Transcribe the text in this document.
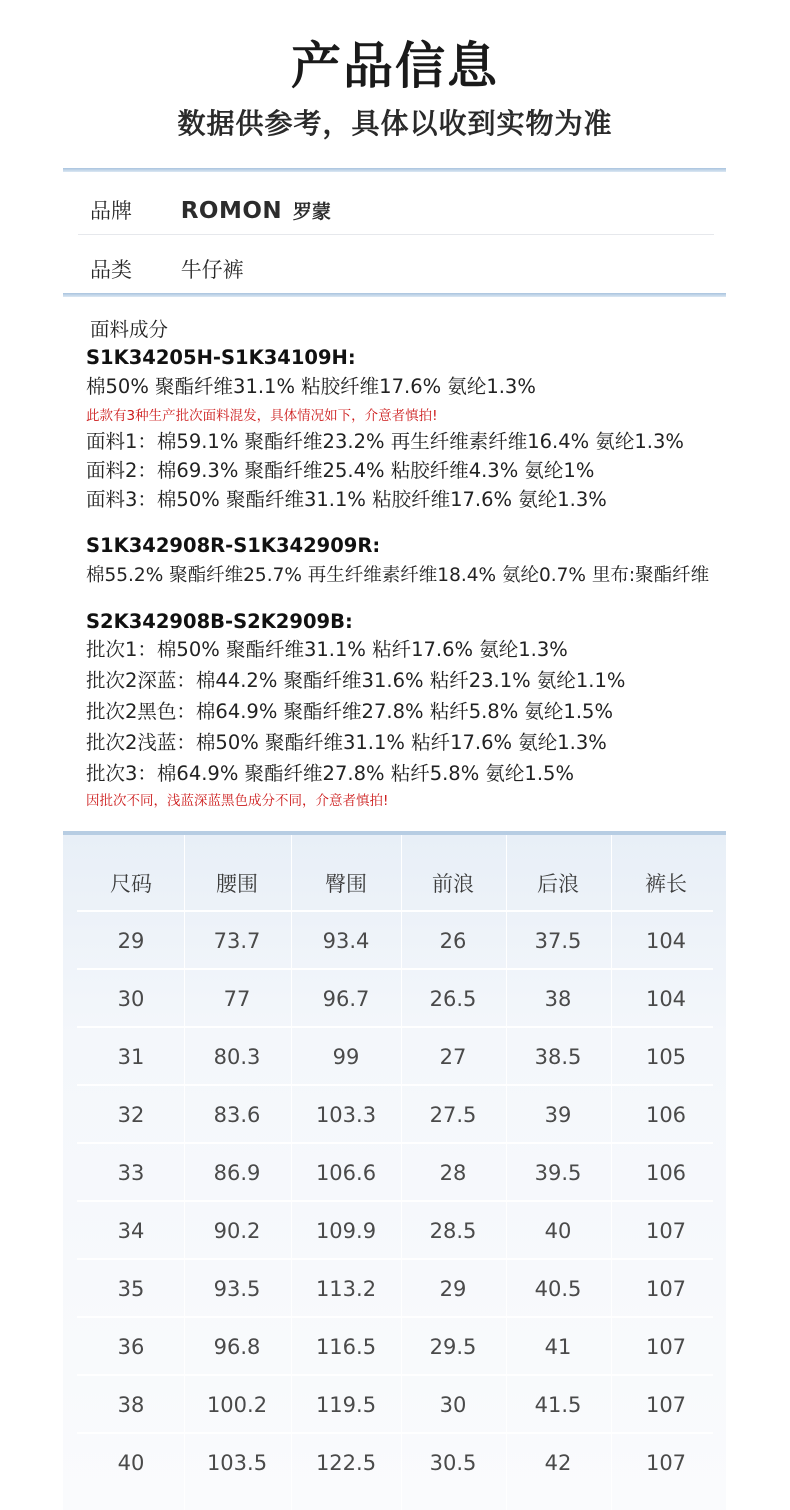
产品信息
数据供参考，具体以收到实物为准
品牌 ROMON 罗蒙
品类 牛仔裤
面料成分
S1K34205H-S1K34109H:
棉50% 聚酯纤维31.1% 粘胶纤维17.6% 氨纶1.3%
此款有3种生产批次面料混发，具体情况如下，介意者慎拍!
面料1：棉59.1% 聚酯纤维23.2% 再生纤维素纤维16.4% 氨纶1.3%
面料2：棉69.3% 聚酯纤维25.4% 粘胶纤维4.3% 氨纶1%
面料3：棉50% 聚酯纤维31.1% 粘胶纤维17.6% 氨纶1.3%
S1K342908R-S1K342909R:
棉55.2% 聚酯纤维25.7% 再生纤维素纤维18.4% 氨纶0.7% 里布:聚酯纤维
S2K342908B-S2K2909B:
批次1：棉50% 聚酯纤维31.1% 粘纤17.6% 氨纶1.3%
批次2深蓝：棉44.2% 聚酯纤维31.6% 粘纤23.1% 氨纶1.1%
批次2黑色：棉64.9% 聚酯纤维27.8% 粘纤5.8% 氨纶1.5%
批次2浅蓝：棉50% 聚酯纤维31.1% 粘纤17.6% 氨纶1.3%
批次3：棉64.9% 聚酯纤维27.8% 粘纤5.8% 氨纶1.5%
因批次不同，浅蓝深蓝黑色成分不同，介意者慎拍!
尺码	腰围	臀围	前浪	后浪	裤长
29	73.7	93.4	26	37.5	104
30	77	96.7	26.5	38	104
31	80.3	99	27	38.5	105
32	83.6	103.3	27.5	39	106
33	86.9	106.6	28	39.5	106
34	90.2	109.9	28.5	40	107
35	93.5	113.2	29	40.5	107
36	96.8	116.5	29.5	41	107
38	100.2	119.5	30	41.5	107
40	103.5	122.5	30.5	42	107
